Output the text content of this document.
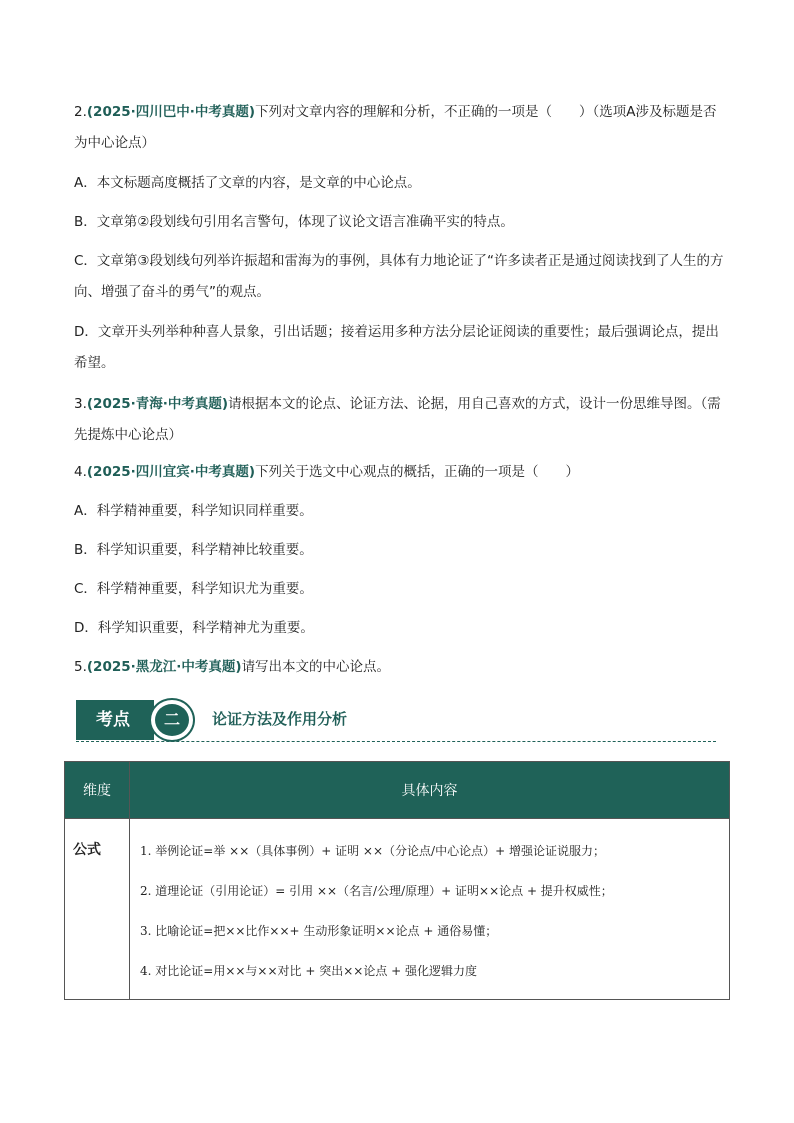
2.(2025·四川巴中·中考真题)下列对文章内容的理解和分析，不正确的一项是（　　）（选项A涉及标题是否为中心论点）
A．本文标题高度概括了文章的内容，是文章的中心论点。
B．文章第②段划线句引用名言警句，体现了议论文语言准确平实的特点。
C．文章第③段划线句列举许振超和雷海为的事例，具体有力地论证了“许多读者正是通过阅读找到了人生的方向、增强了奋斗的勇气”的观点。
D．文章开头列举种种喜人景象，引出话题；接着运用多种方法分层论证阅读的重要性；最后强调论点，提出希望。
3.(2025·青海·中考真题)请根据本文的论点、论证方法、论据，用自己喜欢的方式，设计一份思维导图。（需先提炼中心论点）
4.(2025·四川宜宾·中考真题)下列关于选文中心观点的概括，正确的一项是（　　）
A．科学精神重要，科学知识同样重要。
B．科学知识重要，科学精神比较重要。
C．科学精神重要，科学知识尤为重要。
D．科学知识重要，科学精神尤为重要。
5.(2025·黑龙江·中考真题)请写出本文的中心论点。
考点	二	论证方法及作用分析
维度	具体内容
公式	1. 举例论证=举 ××（具体事例）+ 证明 ××（分论点/中心论点）+ 增强论证说服力；
2. 道理论证（引用论证）= 引用 ××（名言/公理/原理）+ 证明××论点 + 提升权威性；
3. 比喻论证=把××比作××+ 生动形象证明××论点 + 通俗易懂；
4. 对比论证=用××与××对比 + 突出××论点 + 强化逻辑力度
